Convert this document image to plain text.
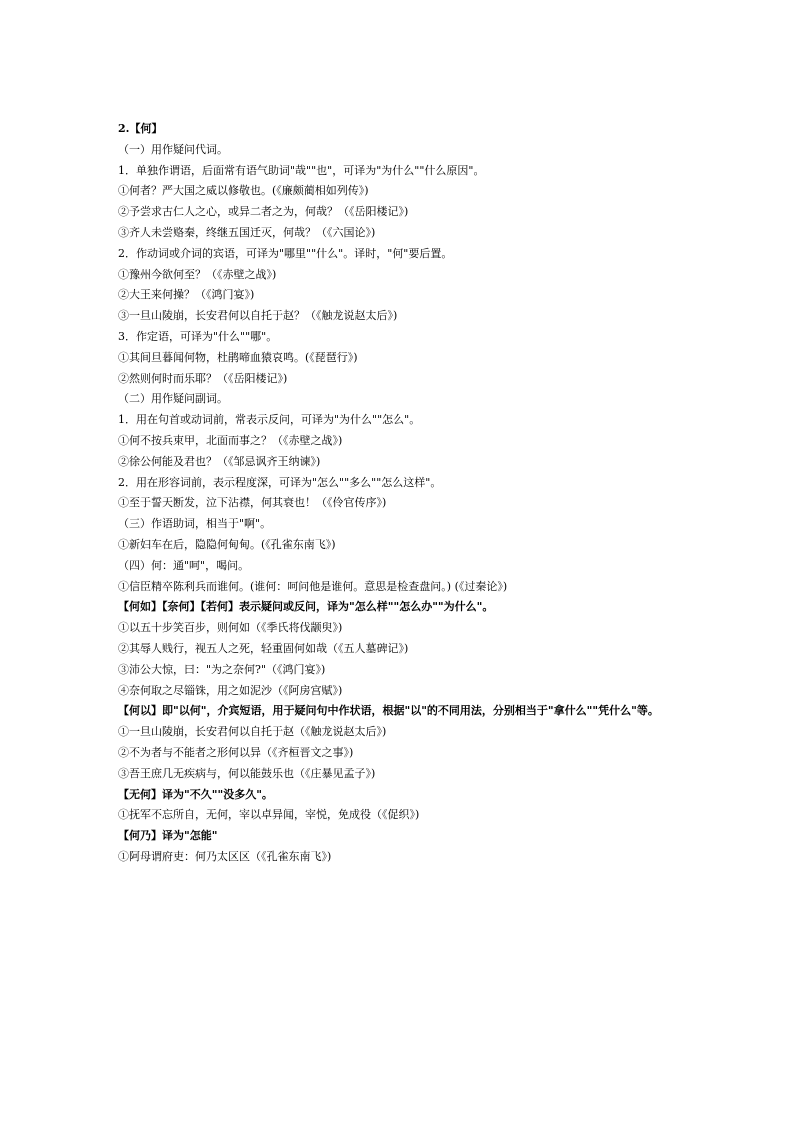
2.【何】
（一）用作疑问代词。
1．单独作谓语，后面常有语气助词"哉""也"，可译为"为什么""什么原因"。
①何者？严大国之威以修敬也。(《廉颇蔺相如列传》)
②予尝求古仁人之心，或异二者之为，何哉？（《岳阳楼记》)
③齐人未尝赂秦，终继五国迁灭，何哉？（《六国论》)
2．作动词或介词的宾语，可译为"哪里""什么"。译时，"何"要后置。
①豫州今欲何至？（《赤壁之战》)
②大王来何操？（《鸿门宴》)
③一旦山陵崩，长安君何以自托于赵？（《触龙说赵太后》)
3．作定语，可译为"什么""哪"。
①其间旦暮闻何物，杜鹃啼血猿哀鸣。(《琵琶行》)
②然则何时而乐耶？（《岳阳楼记》)
（二）用作疑问副词。
1．用在句首或动词前，常表示反问，可译为"为什么""怎么"。
①何不按兵束甲，北面而事之？（《赤壁之战》)
②徐公何能及君也？（《邹忌讽齐王纳谏》)
2．用在形容词前，表示程度深，可译为"怎么""多么""怎么这样"。
①至于誓天断发，泣下沾襟，何其衰也！（《伶官传序》)
（三）作语助词，相当于"啊"。
①新妇车在后，隐隐何甸甸。(《孔雀东南飞》)
（四）何：通"呵"，喝问。
①信臣精卒陈利兵而谁何。(谁何：呵问他是谁何。意思是检查盘问。) (《过秦论》)
【何如】【奈何】【若何】表示疑问或反问，译为"怎么样""怎么办""为什么"。
①以五十步笑百步，则何如（《季氏将伐颛臾》)
②其辱人贱行，视五人之死，轻重固何如哉（《五人墓碑记》)
③沛公大惊，曰："为之奈何?"（《鸿门宴》)
④奈何取之尽锱铢，用之如泥沙（《阿房宫赋》)
【何以】即"以何"，介宾短语，用于疑问句中作状语，根据"以"的不同用法，分别相当于"拿什么""凭什么"等。
①一旦山陵崩，长安君何以自托于赵（《触龙说赵太后》)
②不为者与不能者之形何以异（《齐桓晋文之事》)
③吾王庶几无疾病与，何以能鼓乐也（《庄暴见孟子》)
【无何】译为"不久""没多久"。
①抚军不忘所自，无何，宰以卓异闻，宰悦，免成役（《促织》)
【何乃】译为"怎能"
①阿母谓府吏：何乃太区区（《孔雀东南飞》)
